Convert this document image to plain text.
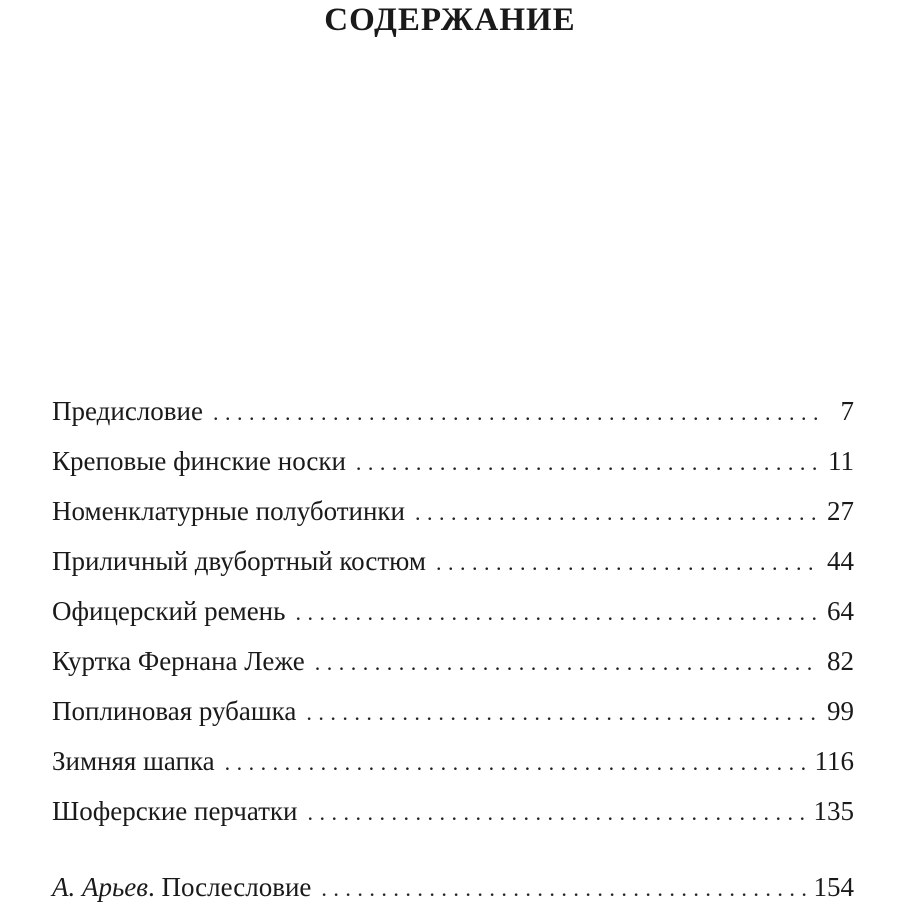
СОДЕРЖАНИЕ
Предисловие . . .	7
Креповые финские носки . . .	11
Номенклатурные полуботинки . . .	27
Приличный двубортный костюм . . .	44
Офицерский ремень . . .	64
Куртка Фернана Леже . . .	82
Поплиновая рубашка . . .	99
Зимняя шапка . . .	116
Шоферские перчатки . . .	135
А. Арьев. Послесловие . . .	154
